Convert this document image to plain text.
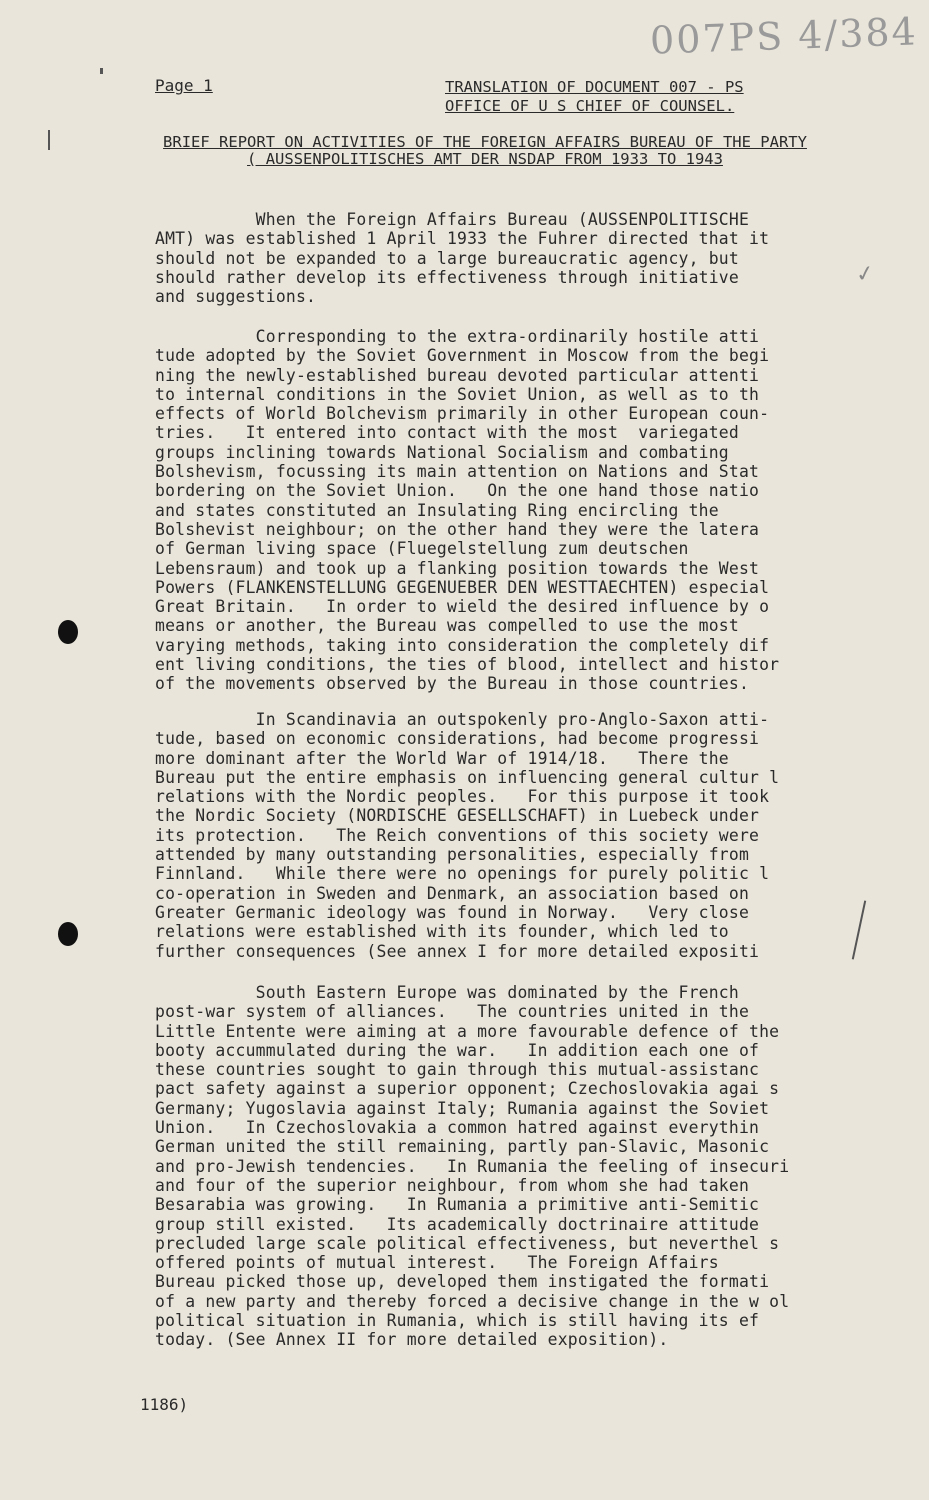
007PS 4/384
Page 1	TRANSLATION OF DOCUMENT 007 - PS
OFFICE OF U S CHIEF OF COUNSEL.
BRIEF REPORT ON ACTIVITIES OF THE FOREIGN AFFAIRS BUREAU OF THE PARTY ( AUSSENPOLITISCHES AMT DER NSDAP FROM 1933 TO 1943
When the Foreign Affairs Bureau (AUSSENPOLITISCHE
AMT) was established 1 April 1933 the Fuhrer directed that it
should not be expanded to a large bureaucratic agency, but
should rather develop its effectiveness through initiative
and suggestions.
Corresponding to the extra-ordinarily hostile atti
tude adopted by the Soviet Government in Moscow from the begi
ning the newly-established bureau devoted particular attenti
to internal conditions in the Soviet Union, as well as to th
effects of World Bolchevism primarily in other European coun-
tries.   It entered into contact with the most  variegated
groups inclining towards National Socialism and combating
Bolshevism, focussing its main attention on Nations and Stat
bordering on the Soviet Union.   On the one hand those natio
and states constituted an Insulating Ring encircling the
Bolshevist neighbour; on the other hand they were the latera
of German living space (Fluegelstellung zum deutschen
Lebensraum) and took up a flanking position towards the West
Powers (FLANKENSTELLUNG GEGENUEBER DEN WESTTAECHTEN) especial
Great Britain.   In order to wield the desired influence by o
means or another, the Bureau was compelled to use the most
varying methods, taking into consideration the completely dif
ent living conditions, the ties of blood, intellect and histor
of the movements observed by the Bureau in those countries.
In Scandinavia an outspokenly pro-Anglo-Saxon atti-
tude, based on economic considerations, had become progressi
more dominant after the World War of 1914/18.   There the
Bureau put the entire emphasis on influencing general cultur l
relations with the Nordic peoples.   For this purpose it took
the Nordic Society (NORDISCHE GESELLSCHAFT) in Luebeck under
its protection.   The Reich conventions of this society were
attended by many outstanding personalities, especially from
Finnland.   While there were no openings for purely politic l
co-operation in Sweden and Denmark, an association based on
Greater Germanic ideology was found in Norway.   Very close
relations were established with its founder, which led to
further consequences (See annex I for more detailed expositi
South Eastern Europe was dominated by the French
post-war system of alliances.   The countries united in the
Little Entente were aiming at a more favourable defence of the
booty accummulated during the war.   In addition each one of
these countries sought to gain through this mutual-assistanc
pact safety against a superior opponent; Czechoslovakia agai s
Germany; Yugoslavia against Italy; Rumania against the Soviet
Union.   In Czechoslovakia a common hatred against everythin
German united the still remaining, partly pan-Slavic, Masonic
and pro-Jewish tendencies.   In Rumania the feeling of insecuri
and four of the superior neighbour, from whom she had taken
Besarabia was growing.   In Rumania a primitive anti-Semitic
group still existed.   Its academically doctrinaire attitude
precluded large scale political effectiveness, but neverthel s
offered points of mutual interest.   The Foreign Affairs
Bureau picked those up, developed them instigated the formati
of a new party and thereby forced a decisive change in the w ol
political situation in Rumania, which is still having its ef
today. (See Annex II for more detailed exposition).
1186)
✓
